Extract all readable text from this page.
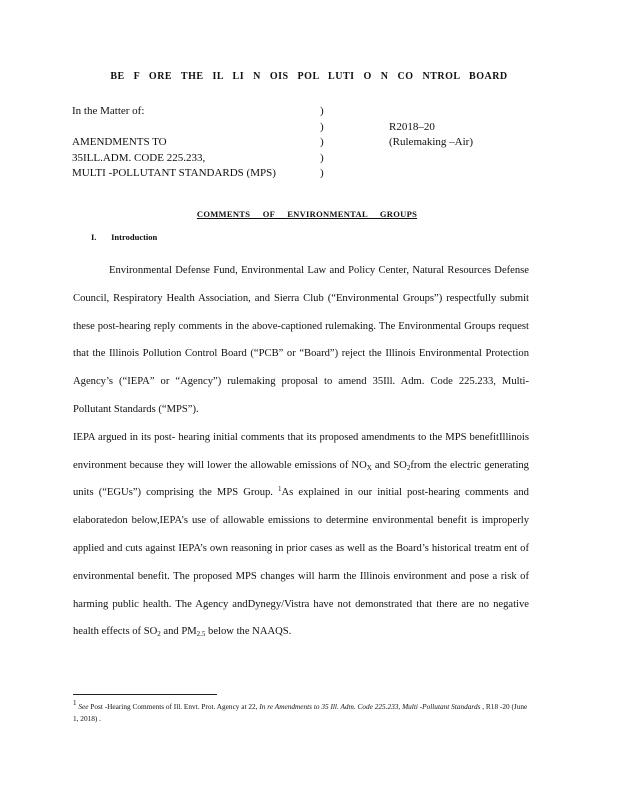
BE F ORE THE IL LI N OIS POL LUTI O N CO NTROL BOARD
In the Matter of:
AMENDMENTS TO
35ILL.ADM. CODE 225.233,
MULTI -POLLUTANT STANDARDS (MPS)
)
)
)
)
)
R2018–20
(Rulemaking –Air)
COMMENTS OF ENVIRONMENTAL GROUPS
I. Introduction

Environmental Defense Fund, Environmental Law and Policy Center, Natural Resources Defense Council, Respiratory Health Association, and Sierra Club (“Environmental Groups”) respectfully submit these post-hearing reply comments in the above-captioned rulemaking. The Environmental Groups request that the Illinois Pollution Control Board (“PCB” or “Board”) reject the Illinois Environmental Protection Agency’s (“IEPA” or “Agency”) rulemaking proposal to amend 35Ill. Adm. Code 225.233, Multi- Pollutant Standards (“MPS”).

IEPA argued in its post- hearing initial comments that its proposed amendments to the MPS benefitIllinois environment because they will lower the allowable emissions of $NO_X$ and $SO_2from$ the electric generating units (“EGUs”) comprising the MPS Group. $^1$As explained in our initial post-hearing comments and elaboratedon below,IEPA’s use of allowable emissions to determine environmental benefit is improperly applied and cuts against IEPA’s own reasoning in prior cases as well as the Board’s historical treatm ent of environmental benefit. The proposed MPS changes will harm the Illinois environment and pose a risk of harming public health. The Agency andDynegy/Vistra have not demonstrated that there are no negative health effects of $SO_2$ and $PM_{2.5}$ below the NAAQS.

$^1$ See Post -Hearing Comments of Ill. Envt. Prot. Agency at 22, In re Amendments to 35 Ill. Adm. Code 225.233, Multi -Pollutant Standards , R18 -20 (June 1, 2018) .
